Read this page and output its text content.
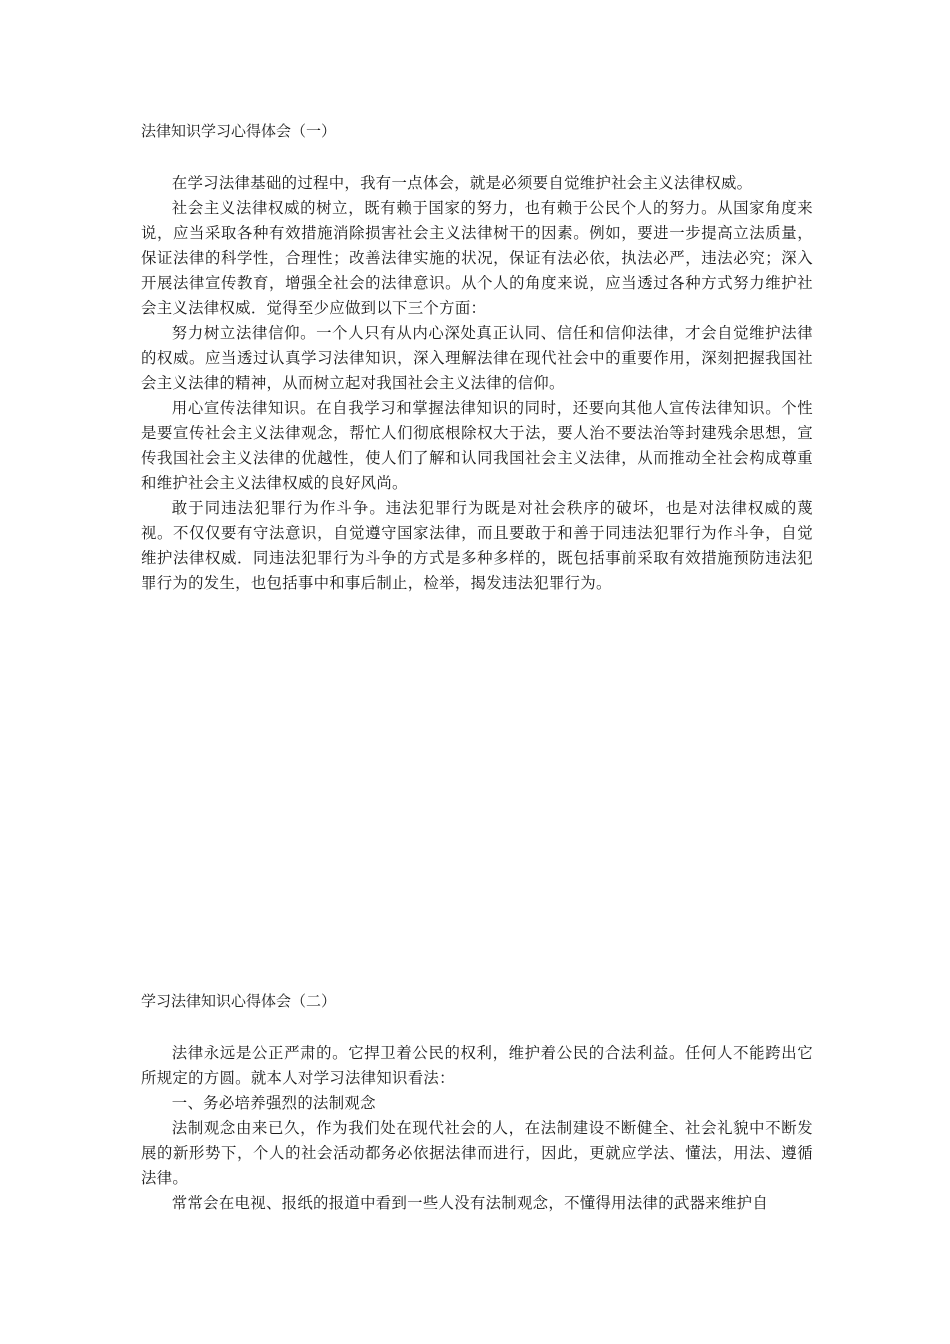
法律知识学习心得体会（一）

在学习法律基础的过程中，我有一点体会，就是必须要自觉维护社会主义法律权威。

社会主义法律权威的树立，既有赖于国家的努力，也有赖于公民个人的努力。从国家角度来说，应当采取各种有效措施消除损害社会主义法律树干的因素。例如，要进一步提高立法质量，保证法律的科学性，合理性；改善法律实施的状况，保证有法必依，执法必严，违法必究；深入开展法律宣传教育，增强全社会的法律意识。从个人的角度来说，应当透过各种方式努力维护社会主义法律权威．觉得至少应做到以下三个方面：

努力树立法律信仰。一个人只有从内心深处真正认同、信任和信仰法律，才会自觉维护法律的权威。应当透过认真学习法律知识，深入理解法律在现代社会中的重要作用，深刻把握我国社会主义法律的精神，从而树立起对我国社会主义法律的信仰。

用心宣传法律知识。在自我学习和掌握法律知识的同时，还要向其他人宣传法律知识。个性是要宣传社会主义法律观念，帮忙人们彻底根除权大于法，要人治不要法治等封建残余思想，宣传我国社会主义法律的优越性，使人们了解和认同我国社会主义法律，从而推动全社会构成尊重和维护社会主义法律权威的良好风尚。

敢于同违法犯罪行为作斗争。违法犯罪行为既是对社会秩序的破坏，也是对法律权威的蔑视。不仅仅要有守法意识，自觉遵守国家法律，而且要敢于和善于同违法犯罪行为作斗争，自觉维护法律权威．同违法犯罪行为斗争的方式是多种多样的，既包括事前采取有效措施预防违法犯罪行为的发生，也包括事中和事后制止，检举，揭发违法犯罪行为。

学习法律知识心得体会（二）

法律永远是公正严肃的。它捍卫着公民的权利，维护着公民的合法利益。任何人不能跨出它所规定的方圆。就本人对学习法律知识看法：

一、务必培养强烈的法制观念

法制观念由来已久，作为我们处在现代社会的人，在法制建设不断健全、社会礼貌中不断发展的新形势下，个人的社会活动都务必依据法律而进行，因此，更就应学法、懂法，用法、遵循法律。

常常会在电视、报纸的报道中看到一些人没有法制观念，不懂得用法律的武器来维护自
